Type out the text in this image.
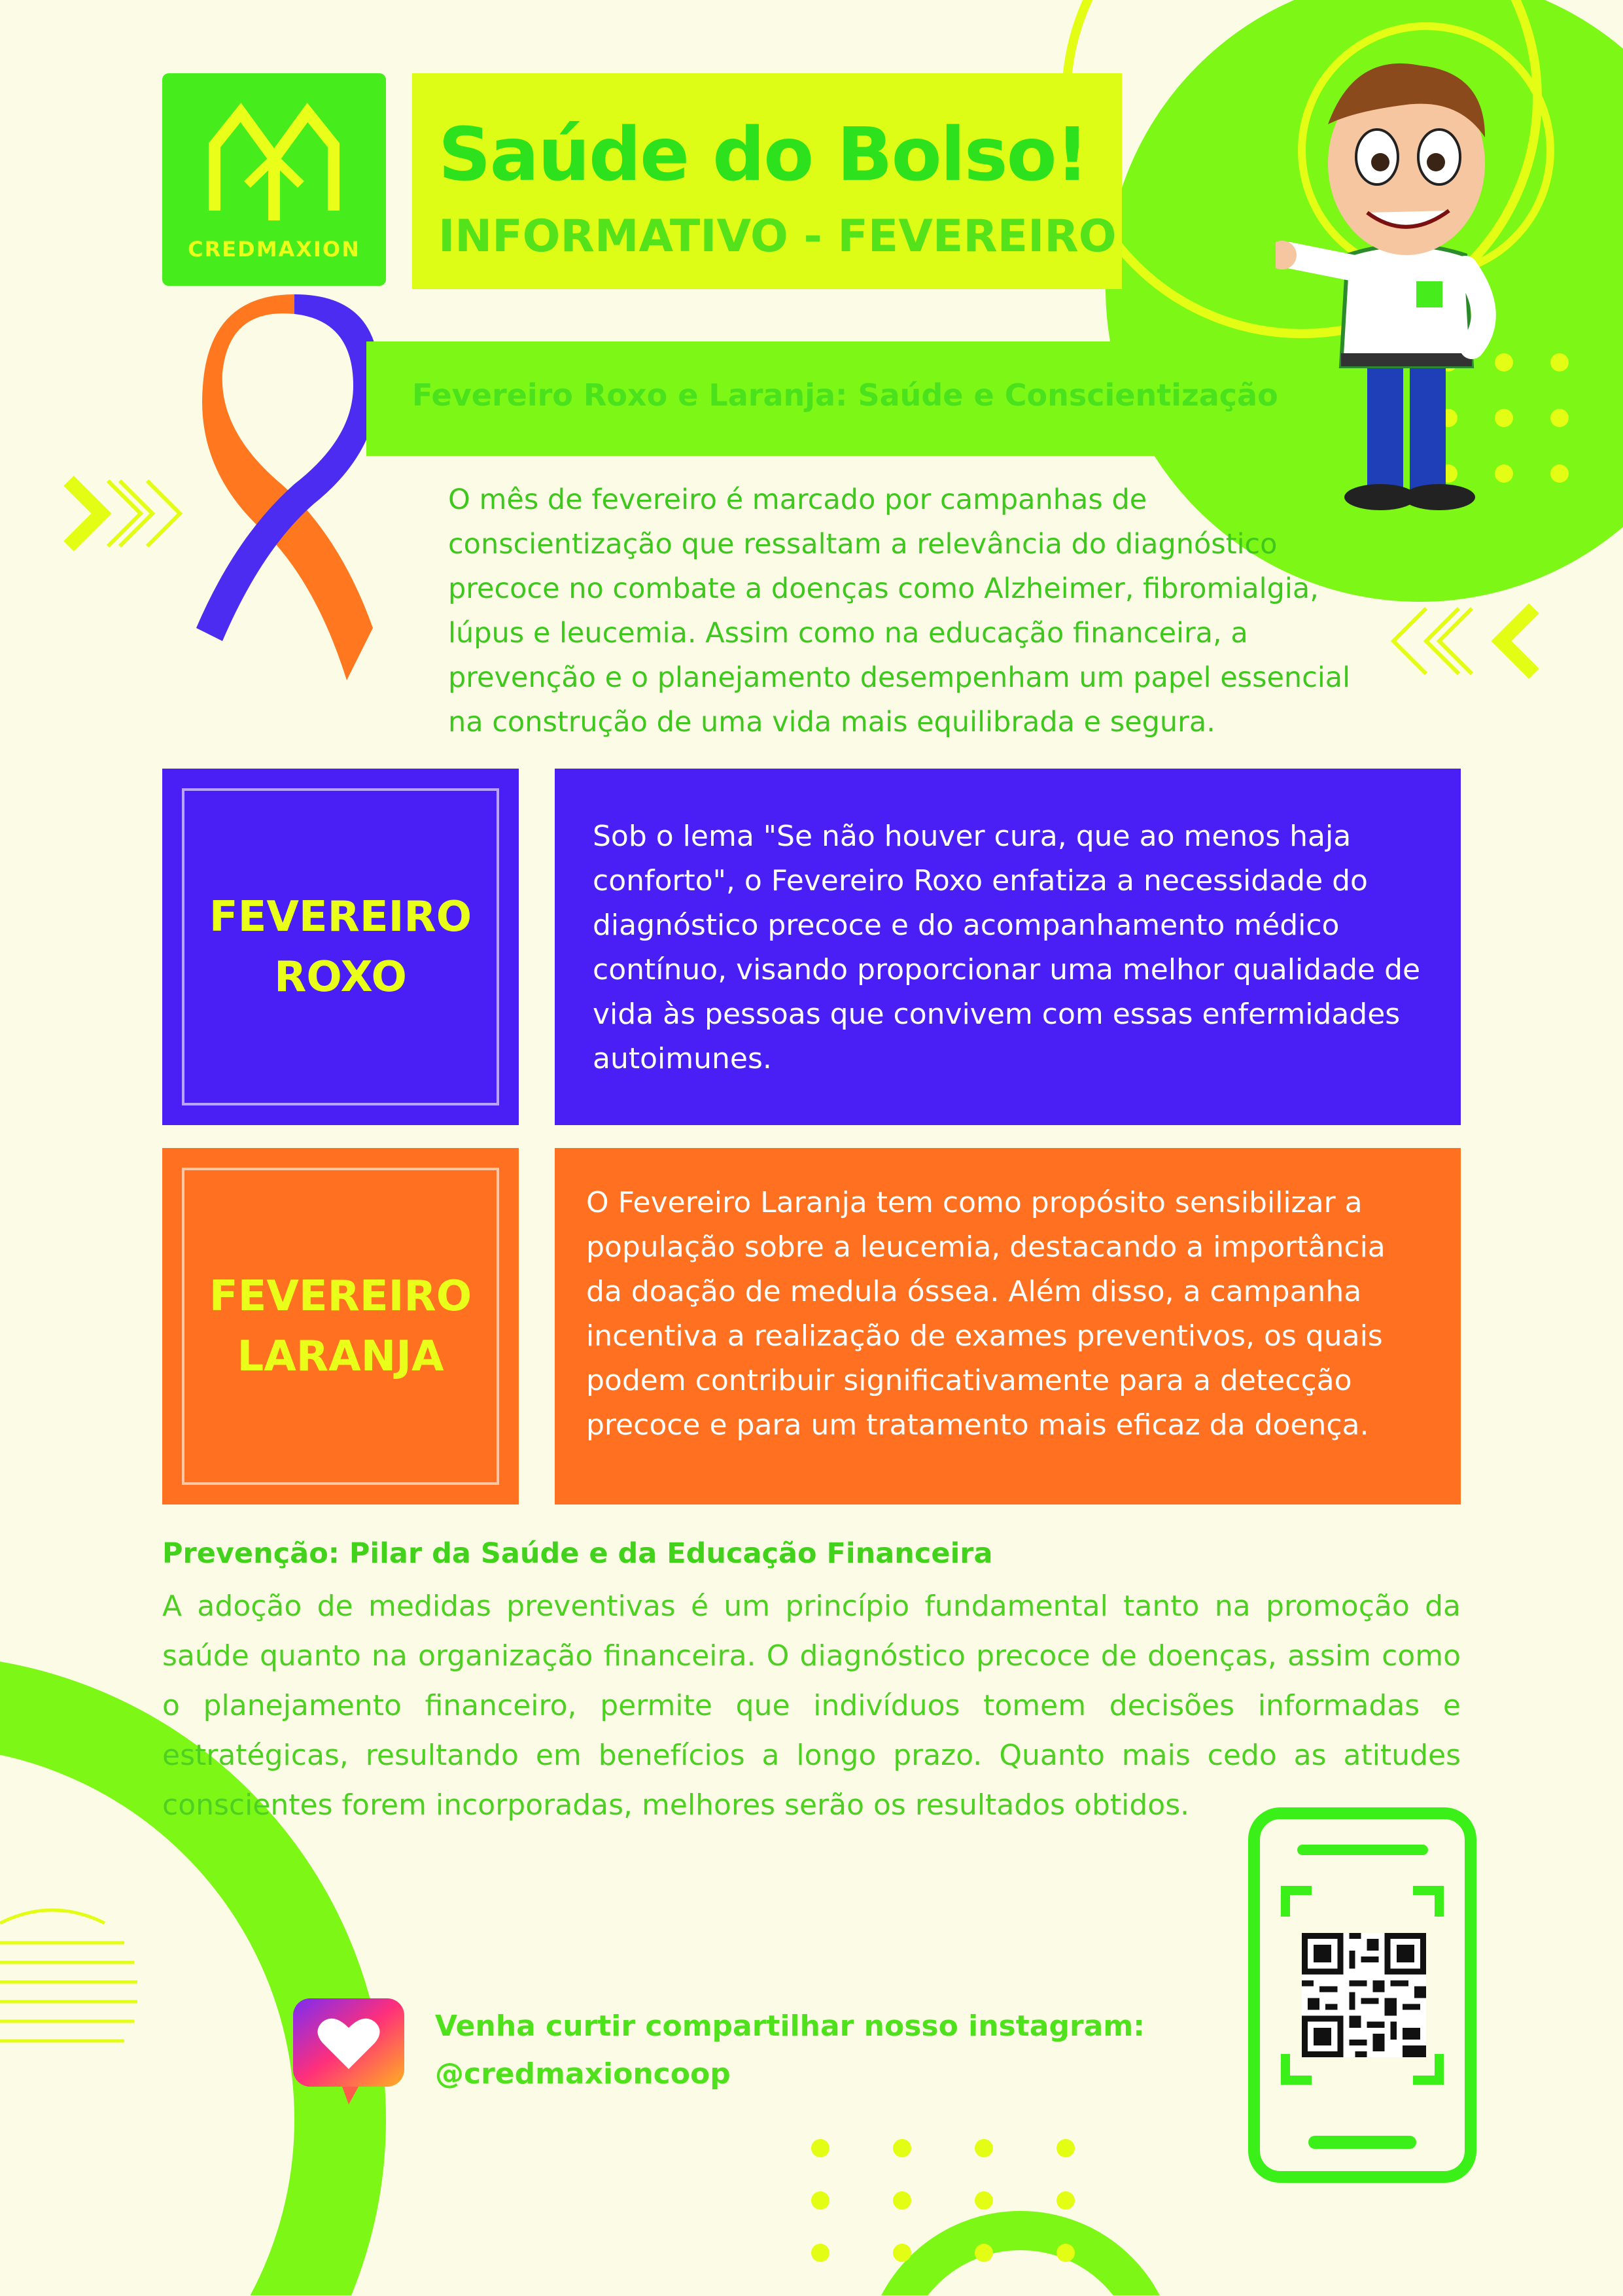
CREDMAXION
Saúde do Bolso!
INFORMATIVO - FEVEREIRO
Fevereiro Roxo e Laranja: Saúde e Conscientização
O mês de fevereiro é marcado por campanhas de
conscientização que ressaltam a relevância do diagnóstico
precoce no combate a doenças como Alzheimer, fibromialgia,
lúpus e leucemia. Assim como na educação financeira, a
prevenção e o planejamento desempenham um papel essencial
na construção de uma vida mais equilibrada e segura.
FEVEREIRO
ROXO
Sob o lema "Se não houver cura, que ao menos haja
conforto", o Fevereiro Roxo enfatiza a necessidade do
diagnóstico precoce e do acompanhamento médico
contínuo, visando proporcionar uma melhor qualidade de
vida às pessoas que convivem com essas enfermidades
autoimunes.
FEVEREIRO
LARANJA
O Fevereiro Laranja tem como propósito sensibilizar a
população sobre a leucemia, destacando a importância
da doação de medula óssea. Além disso, a campanha
incentiva a realização de exames preventivos, os quais
podem contribuir significativamente para a detecção
precoce e para um tratamento mais eficaz da doença.
Prevenção: Pilar da Saúde e da Educação Financeira
A adoção de medidas preventivas é um princípio fundamental tanto na promoção da saúde quanto na organização financeira. O diagnóstico precoce de doenças, assim como o planejamento financeiro, permite que indivíduos tomem decisões informadas e estratégicas, resultando em benefícios a longo prazo. Quanto mais cedo as atitudes conscientes forem incorporadas, melhores serão os resultados obtidos.
Venha curtir compartilhar nosso instagram:
@credmaxioncoop
